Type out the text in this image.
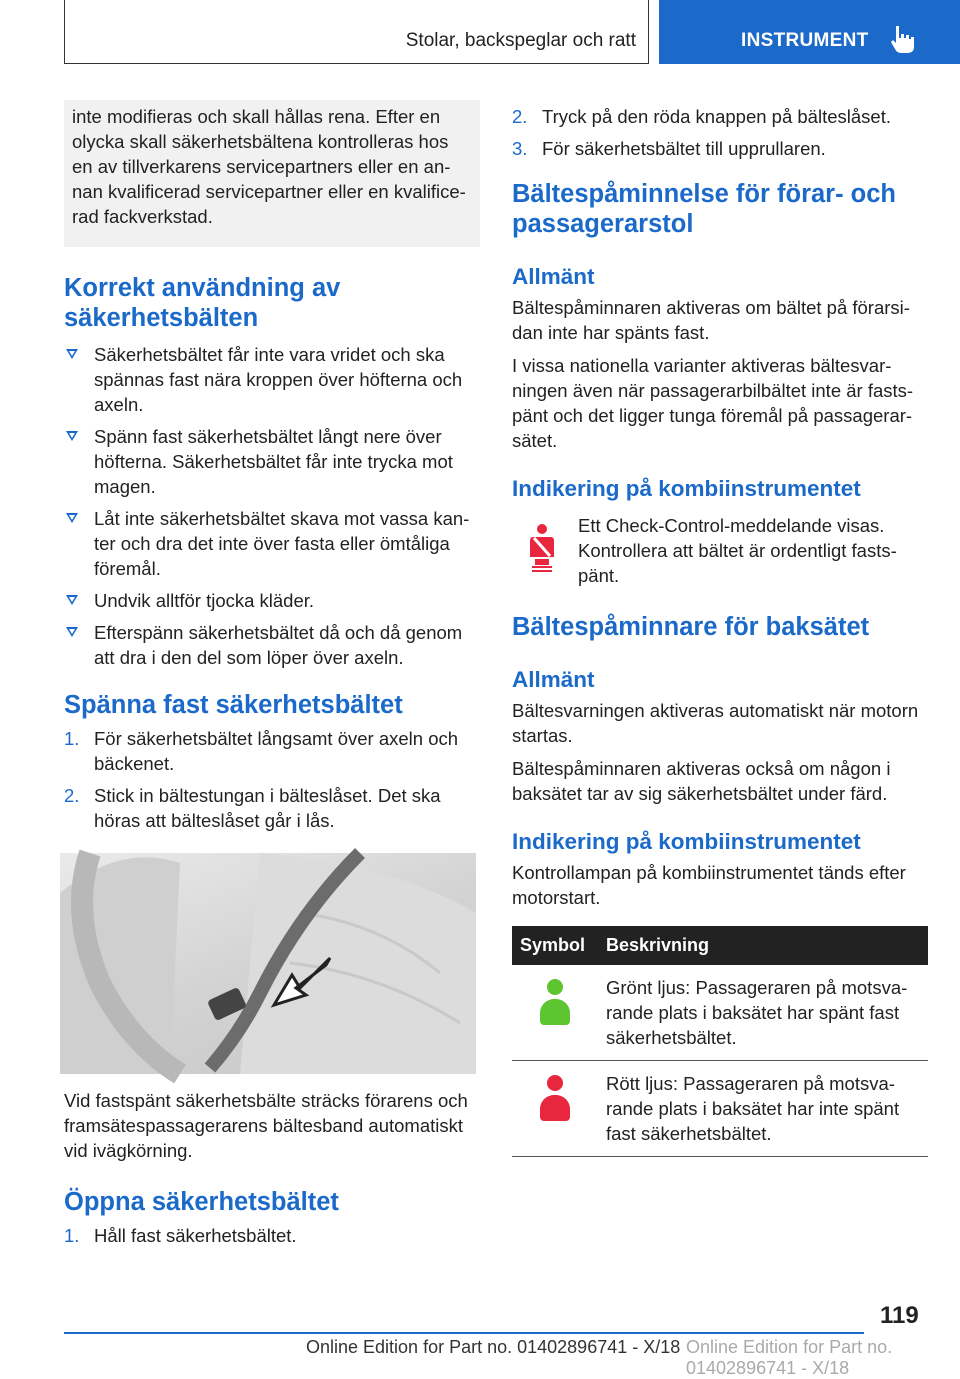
Stolar, backspeglar och ratt	INSTRUMENT

inte modifieras och skall hållas rena. Efter en olycka skall säkerhetsbältena kontrolleras hos en av tillverkarens servicepartners eller en annan kvalificerad servicepartner eller en kvalificerad fackverkstad.

Korrekt användning av säkerhetsbälten
Säkerhetsbältet får inte vara vridet och ska spännas fast nära kroppen över höfterna och axeln.
Spänn fast säkerhetsbältet långt nere över höfterna. Säkerhetsbältet får inte trycka mot magen.
Låt inte säkerhetsbältet skava mot vassa kanter och dra det inte över fasta eller ömtåliga föremål.
Undvik alltför tjocka kläder.
Efterspänn säkerhetsbältet då och då genom att dra i den del som löper över axeln.
Spänna fast säkerhetsbältet
1. För säkerhetsbältet långsamt över axeln och bäckenet.
2. Stick in bältestungan i bälteslåset. Det ska höras att bälteslåset går i lås.

Vid fastspänt säkerhetsbälte sträcks förarens och framsätespassagerarens bältesband automatiskt vid ivägkörning.

Öppna säkerhetsbältet
1. Håll fast säkerhetsbältet.
2. Tryck på den röda knappen på bälteslåset.
3. För säkerhetsbältet till upprullaren.
Bältespåminnelse för förar- och passagerarstol
Allmänt

Bältespåminnaren aktiveras om bältet på förarsidan inte har spänts fast.

I vissa nationella varianter aktiveras bältesvarningen även när passagerarbilbältet inte är fastspänt och det ligger tunga föremål på passagerarsätet.

Indikering på kombiinstrumentet

Ett Check-Control-meddelande visas. Kontrollera att bältet är ordentligt fastspänt.

Bältespåminnare för baksätet
Allmänt

Bältesvarningen aktiveras automatiskt när motorn startas.

Bältespåminnaren aktiveras också om någon i baksätet tar av sig säkerhetsbältet under färd.

Indikering på kombiinstrumentet

Kontrollampan på kombiinstrumentet tänds efter motorstart.

Symbol	Beskrivning

	Grönt ljus: Passageraren på motsvarande plats i baksätet har spänt fast säkerhetsbältet.

	Rött ljus: Passageraren på motsvarande plats i baksätet har inte spänt fast säkerhetsbältet.
119
Online Edition for Part no. 01402896741 - X/18 Online Edition for Part no. 01402896741 - X/18
